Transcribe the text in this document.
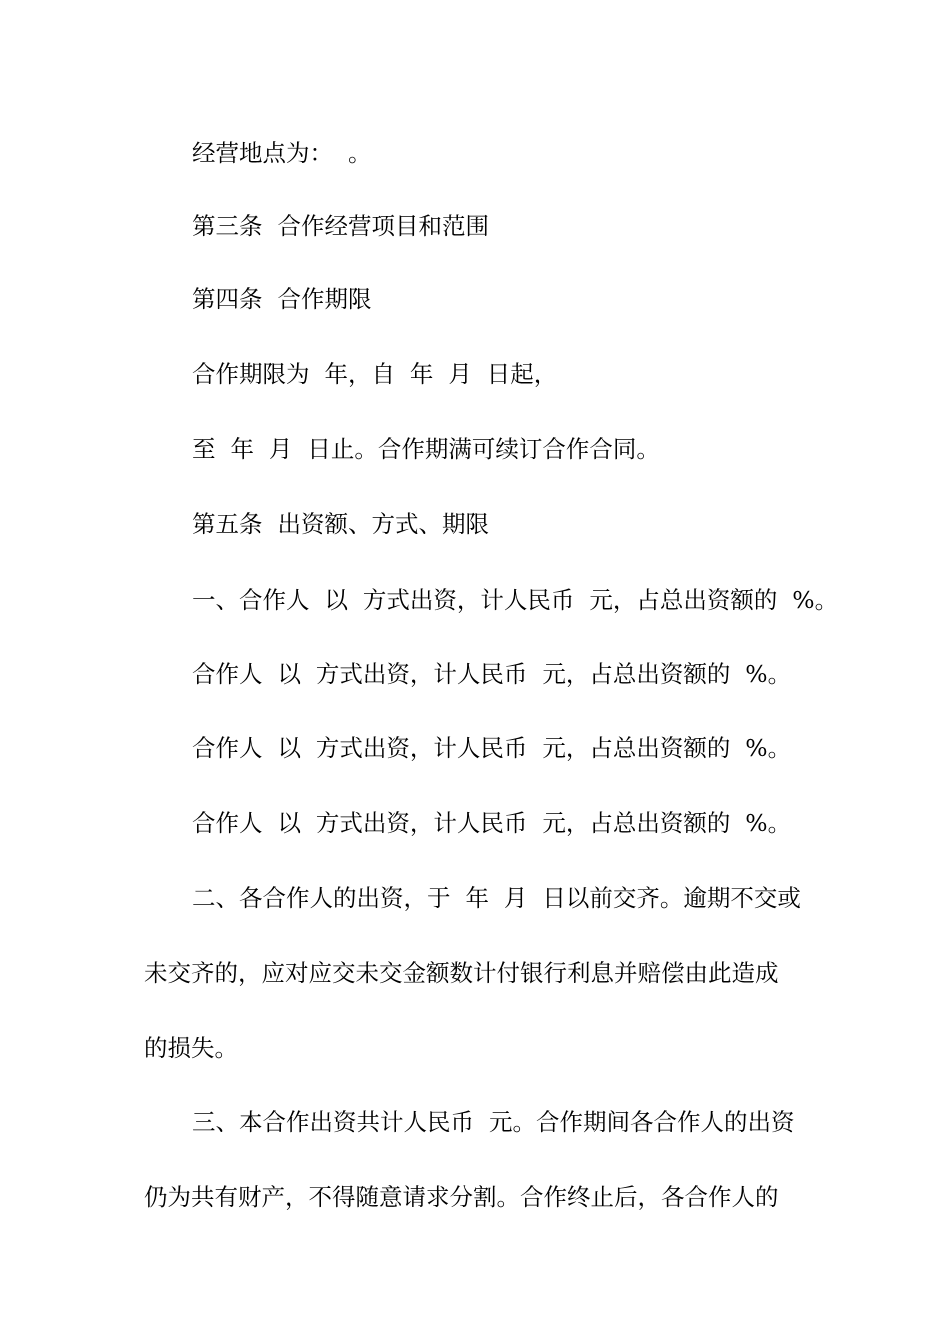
经营地点为：  。

第三条  合作经营项目和范围

第四条  合作期限

合作期限为  年，自  年  月  日起，

至  年  月  日止。合作期满可续订合作合同。

第五条  出资额、方式、期限

一、合作人  以  方式出资，计人民币  元，占总出资额的  %。

合作人  以  方式出资，计人民币  元，占总出资额的  %。

合作人  以  方式出资，计人民币  元，占总出资额的  %。

合作人  以  方式出资，计人民币  元，占总出资额的  %。

二、各合作人的出资，于  年  月  日以前交齐。逾期不交或

未交齐的，应对应交未交金额数计付银行利息并赔偿由此造成

的损失。

三、本合作出资共计人民币  元。合作期间各合作人的出资

仍为共有财产，不得随意请求分割。合作终止后，各合作人的
